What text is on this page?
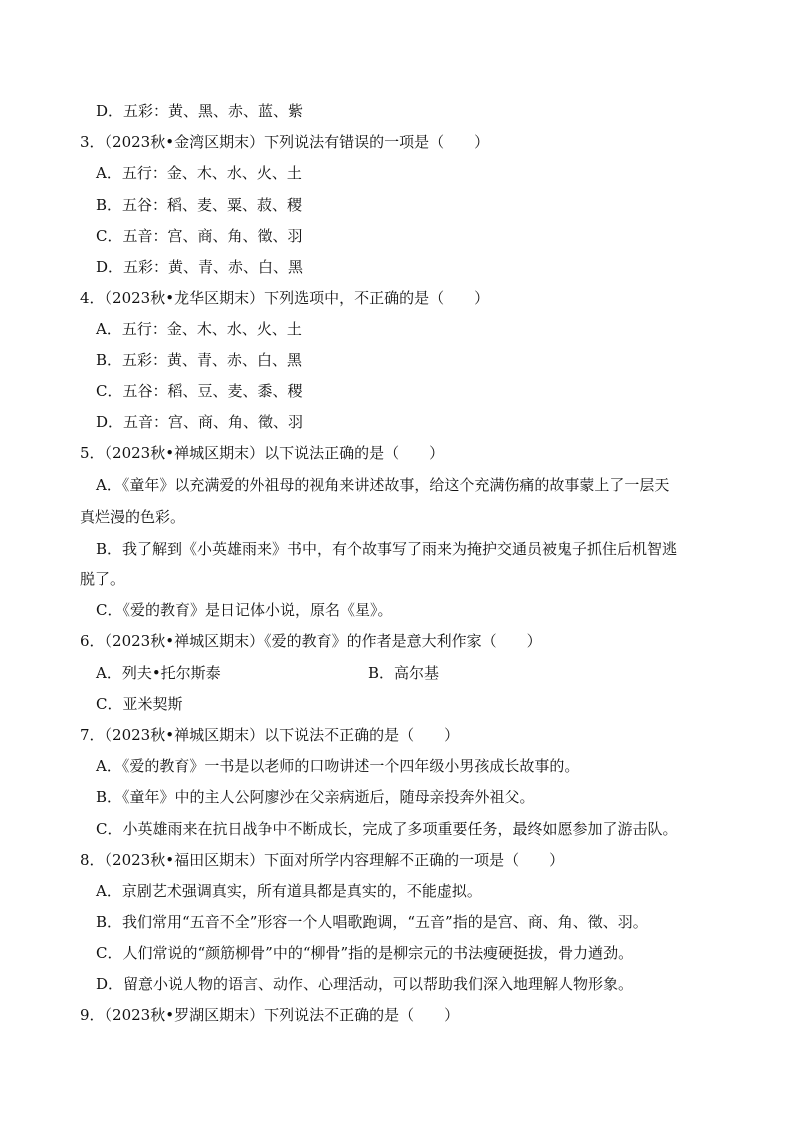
D．五彩：黄、黑、赤、蓝、紫
3．（2023秋•金湾区期末）下列说法有错误的一项是（　　）
A．五行：金、木、水、火、土
B．五谷：稻、麦、粟、菽、稷
C．五音：宫、商、角、徵、羽
D．五彩：黄、青、赤、白、黑
4．（2023秋•龙华区期末）下列选项中，不正确的是（　　）
A．五行：金、木、水、火、土
B．五彩：黄、青、赤、白、黑
C．五谷：稻、豆、麦、黍、稷
D．五音：宫、商、角、徵、羽
5．（2023秋•禅城区期末）以下说法正确的是（　　）
A．《童年》以充满爱的外祖母的视角来讲述故事，给这个充满伤痛的故事蒙上了一层天
真烂漫的色彩。
B．我了解到《小英雄雨来》书中，有个故事写了雨来为掩护交通员被鬼子抓住后机智逃
脱了。
C．《爱的教育》是日记体小说，原名《星》。
6．（2023秋•禅城区期末）《爱的教育》的作者是意大利作家（　　）
A．列夫•托尔斯泰	B．高尔基
C．亚米契斯
7．（2023秋•禅城区期末）以下说法不正确的是（　　）
A．《爱的教育》一书是以老师的口吻讲述一个四年级小男孩成长故事的。
B．《童年》中的主人公阿廖沙在父亲病逝后，随母亲投奔外祖父。
C．小英雄雨来在抗日战争中不断成长，完成了多项重要任务，最终如愿参加了游击队。
8．（2023秋•福田区期末）下面对所学内容理解不正确的一项是（　　）
A．京剧艺术强调真实，所有道具都是真实的，不能虚拟。
B．我们常用“五音不全”形容一个人唱歌跑调，“五音”指的是宫、商、角、徵、羽。
C．人们常说的“颜筋柳骨”中的“柳骨”指的是柳宗元的书法瘦硬挺拔，骨力遒劲。
D．留意小说人物的语言、动作、心理活动，可以帮助我们深入地理解人物形象。
9．（2023秋•罗湖区期末）下列说法不正确的是（　　）
